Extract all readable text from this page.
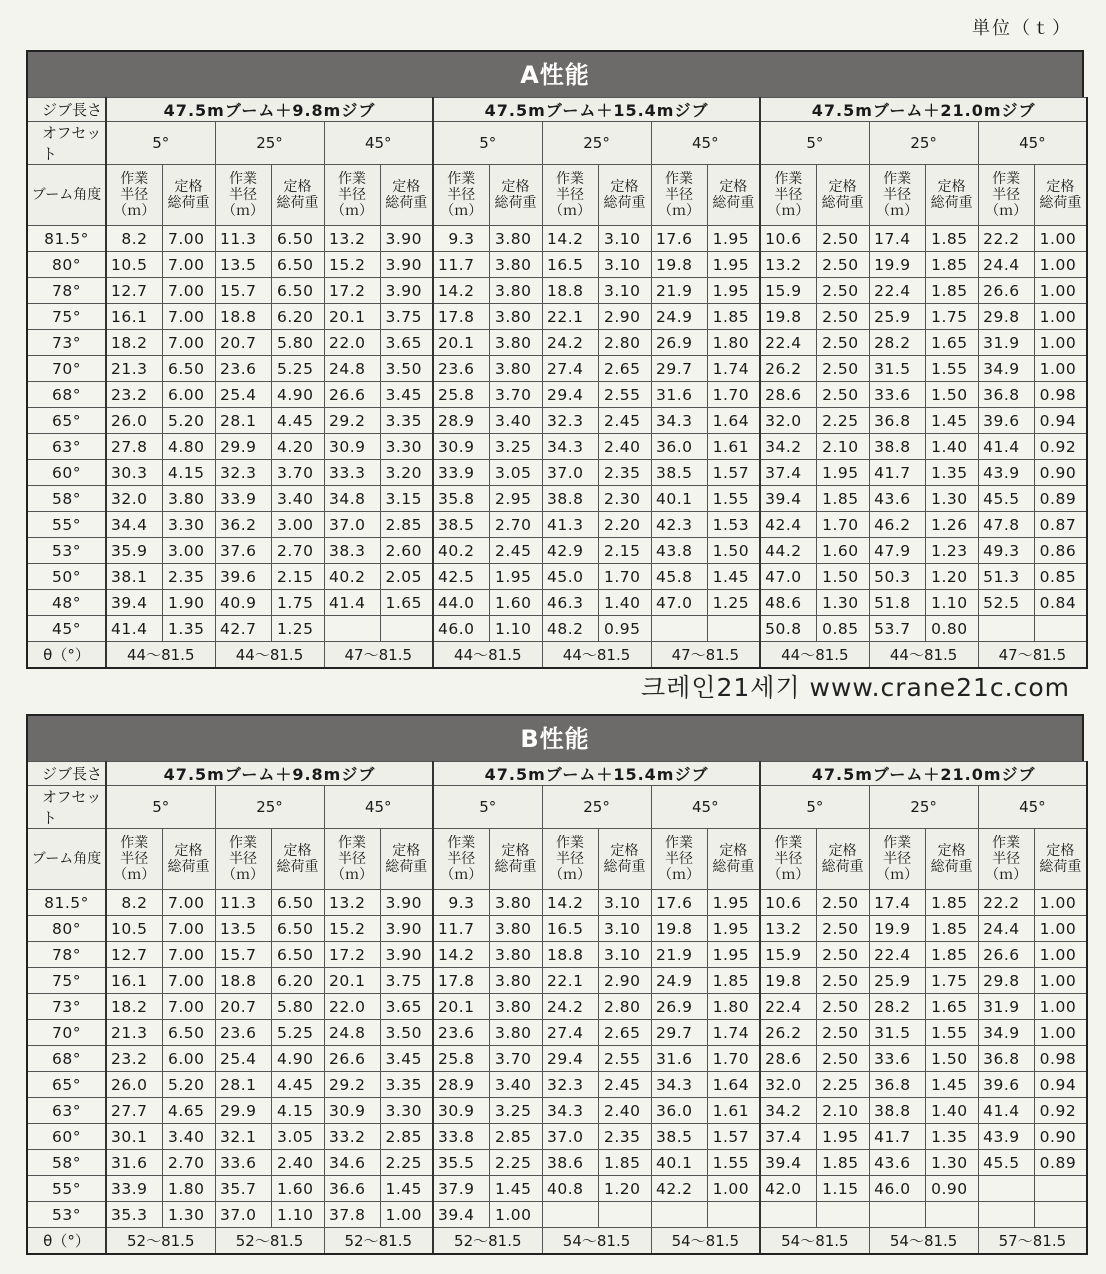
単位（ｔ）
A性能
ジブ長さ	47.5mブーム＋9.8mジブ						47.5mブーム＋15.4mジブ						47.5mブーム＋21.0mジブ					
オフセット	5°		25°		45°		5°		25°		45°		5°		25°		45°	
ブーム角度	作業
半径
（ｍ）	定格
総荷重	作業
半径
（ｍ）	定格
総荷重	作業
半径
（ｍ）	定格
総荷重	作業
半径
（ｍ）	定格
総荷重	作業
半径
（ｍ）	定格
総荷重	作業
半径
（ｍ）	定格
総荷重	作業
半径
（ｍ）	定格
総荷重	作業
半径
（ｍ）	定格
総荷重	作業
半径
（ｍ）	定格
総荷重
81.5°	8.2	7.00	11.3	6.50	13.2	3.90	9.3	3.80	14.2	3.10	17.6	1.95	10.6	2.50	17.4	1.85	22.2	1.00
80°	10.5	7.00	13.5	6.50	15.2	3.90	11.7	3.80	16.5	3.10	19.8	1.95	13.2	2.50	19.9	1.85	24.4	1.00
78°	12.7	7.00	15.7	6.50	17.2	3.90	14.2	3.80	18.8	3.10	21.9	1.95	15.9	2.50	22.4	1.85	26.6	1.00
75°	16.1	7.00	18.8	6.20	20.1	3.75	17.8	3.80	22.1	2.90	24.9	1.85	19.8	2.50	25.9	1.75	29.8	1.00
73°	18.2	7.00	20.7	5.80	22.0	3.65	20.1	3.80	24.2	2.80	26.9	1.80	22.4	2.50	28.2	1.65	31.9	1.00
70°	21.3	6.50	23.6	5.25	24.8	3.50	23.6	3.80	27.4	2.65	29.7	1.74	26.2	2.50	31.5	1.55	34.9	1.00
68°	23.2	6.00	25.4	4.90	26.6	3.45	25.8	3.70	29.4	2.55	31.6	1.70	28.6	2.50	33.6	1.50	36.8	0.98
65°	26.0	5.20	28.1	4.45	29.2	3.35	28.9	3.40	32.3	2.45	34.3	1.64	32.0	2.25	36.8	1.45	39.6	0.94
63°	27.8	4.80	29.9	4.20	30.9	3.30	30.9	3.25	34.3	2.40	36.0	1.61	34.2	2.10	38.8	1.40	41.4	0.92
60°	30.3	4.15	32.3	3.70	33.3	3.20	33.9	3.05	37.0	2.35	38.5	1.57	37.4	1.95	41.7	1.35	43.9	0.90
58°	32.0	3.80	33.9	3.40	34.8	3.15	35.8	2.95	38.8	2.30	40.1	1.55	39.4	1.85	43.6	1.30	45.5	0.89
55°	34.4	3.30	36.2	3.00	37.0	2.85	38.5	2.70	41.3	2.20	42.3	1.53	42.4	1.70	46.2	1.26	47.8	0.87
53°	35.9	3.00	37.6	2.70	38.3	2.60	40.2	2.45	42.9	2.15	43.8	1.50	44.2	1.60	47.9	1.23	49.3	0.86
50°	38.1	2.35	39.6	2.15	40.2	2.05	42.5	1.95	45.0	1.70	45.8	1.45	47.0	1.50	50.3	1.20	51.3	0.85
48°	39.4	1.90	40.9	1.75	41.4	1.65	44.0	1.60	46.3	1.40	47.0	1.25	48.6	1.30	51.8	1.10	52.5	0.84
45°	41.4	1.35	42.7	1.25			46.0	1.10	48.2	0.95			50.8	0.85	53.7	0.80		
θ（°）	44～81.5		44～81.5		47～81.5		44～81.5		44～81.5		47～81.5		44～81.5		44～81.5		47～81.5	
크레인21세기 www.crane21c.com
B性能
ジブ長さ	47.5mブーム＋9.8mジブ						47.5mブーム＋15.4mジブ						47.5mブーム＋21.0mジブ					
オフセット	5°		25°		45°		5°		25°		45°		5°		25°		45°	
ブーム角度	作業
半径
（ｍ）	定格
総荷重	作業
半径
（ｍ）	定格
総荷重	作業
半径
（ｍ）	定格
総荷重	作業
半径
（ｍ）	定格
総荷重	作業
半径
（ｍ）	定格
総荷重	作業
半径
（ｍ）	定格
総荷重	作業
半径
（ｍ）	定格
総荷重	作業
半径
（ｍ）	定格
総荷重	作業
半径
（ｍ）	定格
総荷重
81.5°	8.2	7.00	11.3	6.50	13.2	3.90	9.3	3.80	14.2	3.10	17.6	1.95	10.6	2.50	17.4	1.85	22.2	1.00
80°	10.5	7.00	13.5	6.50	15.2	3.90	11.7	3.80	16.5	3.10	19.8	1.95	13.2	2.50	19.9	1.85	24.4	1.00
78°	12.7	7.00	15.7	6.50	17.2	3.90	14.2	3.80	18.8	3.10	21.9	1.95	15.9	2.50	22.4	1.85	26.6	1.00
75°	16.1	7.00	18.8	6.20	20.1	3.75	17.8	3.80	22.1	2.90	24.9	1.85	19.8	2.50	25.9	1.75	29.8	1.00
73°	18.2	7.00	20.7	5.80	22.0	3.65	20.1	3.80	24.2	2.80	26.9	1.80	22.4	2.50	28.2	1.65	31.9	1.00
70°	21.3	6.50	23.6	5.25	24.8	3.50	23.6	3.80	27.4	2.65	29.7	1.74	26.2	2.50	31.5	1.55	34.9	1.00
68°	23.2	6.00	25.4	4.90	26.6	3.45	25.8	3.70	29.4	2.55	31.6	1.70	28.6	2.50	33.6	1.50	36.8	0.98
65°	26.0	5.20	28.1	4.45	29.2	3.35	28.9	3.40	32.3	2.45	34.3	1.64	32.0	2.25	36.8	1.45	39.6	0.94
63°	27.7	4.65	29.9	4.15	30.9	3.30	30.9	3.25	34.3	2.40	36.0	1.61	34.2	2.10	38.8	1.40	41.4	0.92
60°	30.1	3.40	32.1	3.05	33.2	2.85	33.8	2.85	37.0	2.35	38.5	1.57	37.4	1.95	41.7	1.35	43.9	0.90
58°	31.6	2.70	33.6	2.40	34.6	2.25	35.5	2.25	38.6	1.85	40.1	1.55	39.4	1.85	43.6	1.30	45.5	0.89
55°	33.9	1.80	35.7	1.60	36.6	1.45	37.9	1.45	40.8	1.20	42.2	1.00	42.0	1.15	46.0	0.90		
53°	35.3	1.30	37.0	1.10	37.8	1.00	39.4	1.00										
θ（°）	52～81.5		52～81.5		52～81.5		52～81.5		54～81.5		54～81.5		54～81.5		54～81.5		57～81.5	
